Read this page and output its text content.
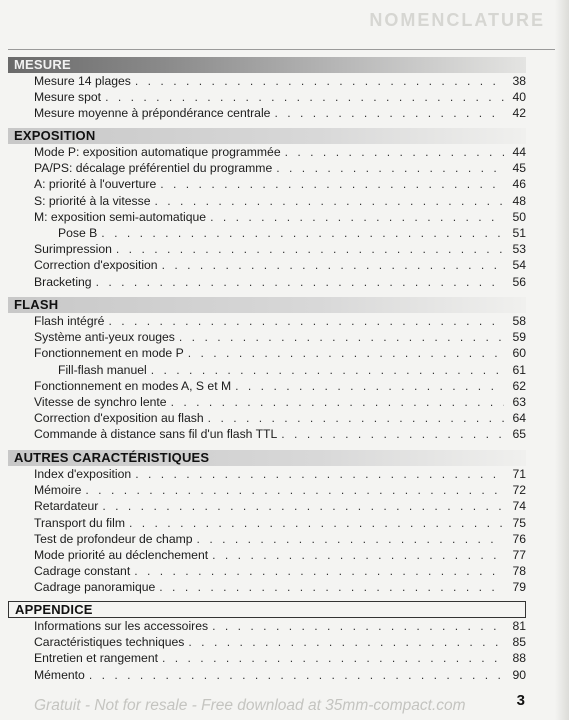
NOMENCLATURE
MESURE
Mesure 14 plages . . .	38
Mesure spot . . .	40
Mesure moyenne à prépondérance centrale . . .	42
EXPOSITION
Mode P: exposition automatique programmée . . .	44
PA/PS: décalage préférentiel du programme . . .	45
A: priorité à l'ouverture . . .	46
S: priorité à la vitesse . . .	48
M: exposition semi-automatique . . .	50
Pose B . . .	51
Surimpression . . .	53
Correction d'exposition . . .	54
Bracketing . . .	56
FLASH
Flash intégré . . .	58
Système anti-yeux rouges . . .	59
Fonctionnement en mode P . . .	60
Fill-flash manuel . . .	61
Fonctionnement en modes A, S et M . . .	62
Vitesse de synchro lente . . .	63
Correction d'exposition au flash . . .	64
Commande à distance sans fil d'un flash TTL . . .	65
AUTRES CARACTÉRISTIQUES
Index d'exposition . . .	71
Mémoire . . .	72
Retardateur . . .	74
Transport du film . . .	75
Test de profondeur de champ . . .	76
Mode priorité au déclenchement . . .	77
Cadrage constant . . .	78
Cadrage panoramique . . .	79
APPENDICE
Informations sur les accessoires . . .	81
Caractéristiques techniques . . .	85
Entretien et rangement . . .	88
Mémento . . .	90
3
Gratuit - Not for resale - Free download at 35mm-compact.com
